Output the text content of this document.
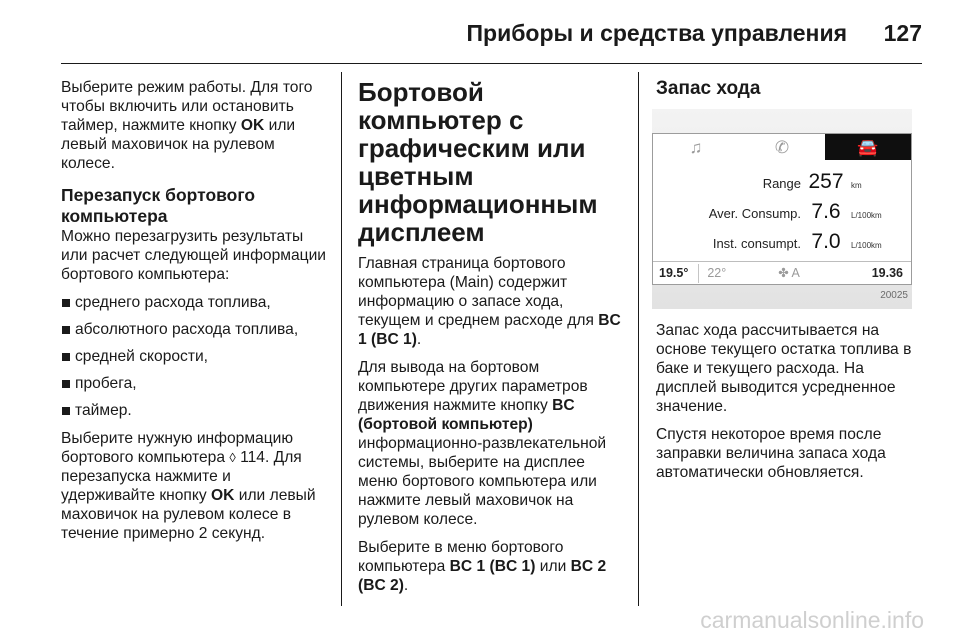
Приборы и средства управления 127

Выберите режим работы. Для того чтобы включить или остановить таймер, нажмите кнопку OK или левый маховичок на рулевом колесе.

Перезапуск бортового компьютера

Можно перезагрузить результаты или расчет следующей информации бортового компьютера:

среднего расхода топлива,
абсолютного расхода топлива,
средней скорости,
пробега,
таймер.

Выберите нужную информацию бортового компьютера ◊ 114. Для перезапуска нажмите и удерживайте кнопку OK или левый маховичок на рулевом колесе в течение примерно 2 секунд.

Бортовой компьютер с графическим или цветным информационным дисплеем

Главная страница бортового компьютера (Main) содержит информацию о запасе хода, текущем и среднем расходе для BC 1 (BC 1).

Для вывода на бортовом компьютере других параметров движения нажмите кнопку BC (бортовой компьютер) информационно-развлекательной системы, выберите на дисплее меню бортового компьютера или нажмите левый маховичок на рулевом колесе.

Выберите в меню бортового компьютера BC 1 (BC 1) или BC 2 (BC 2).

Запас хода
♫	✆	🚘
Range 257 km
Aver. Consump. 7.6	L/100km
Inst. consumpt. 7.0	L/100km
19.5°	22°	✤ A	19.36
20025

Запас хода рассчитывается на основе текущего остатка топлива в баке и текущего расхода. На дисплей выводится усредненное значение.

Спустя некоторое время после заправки величина запаса хода автоматически обновляется.

carmanualsonline.info
